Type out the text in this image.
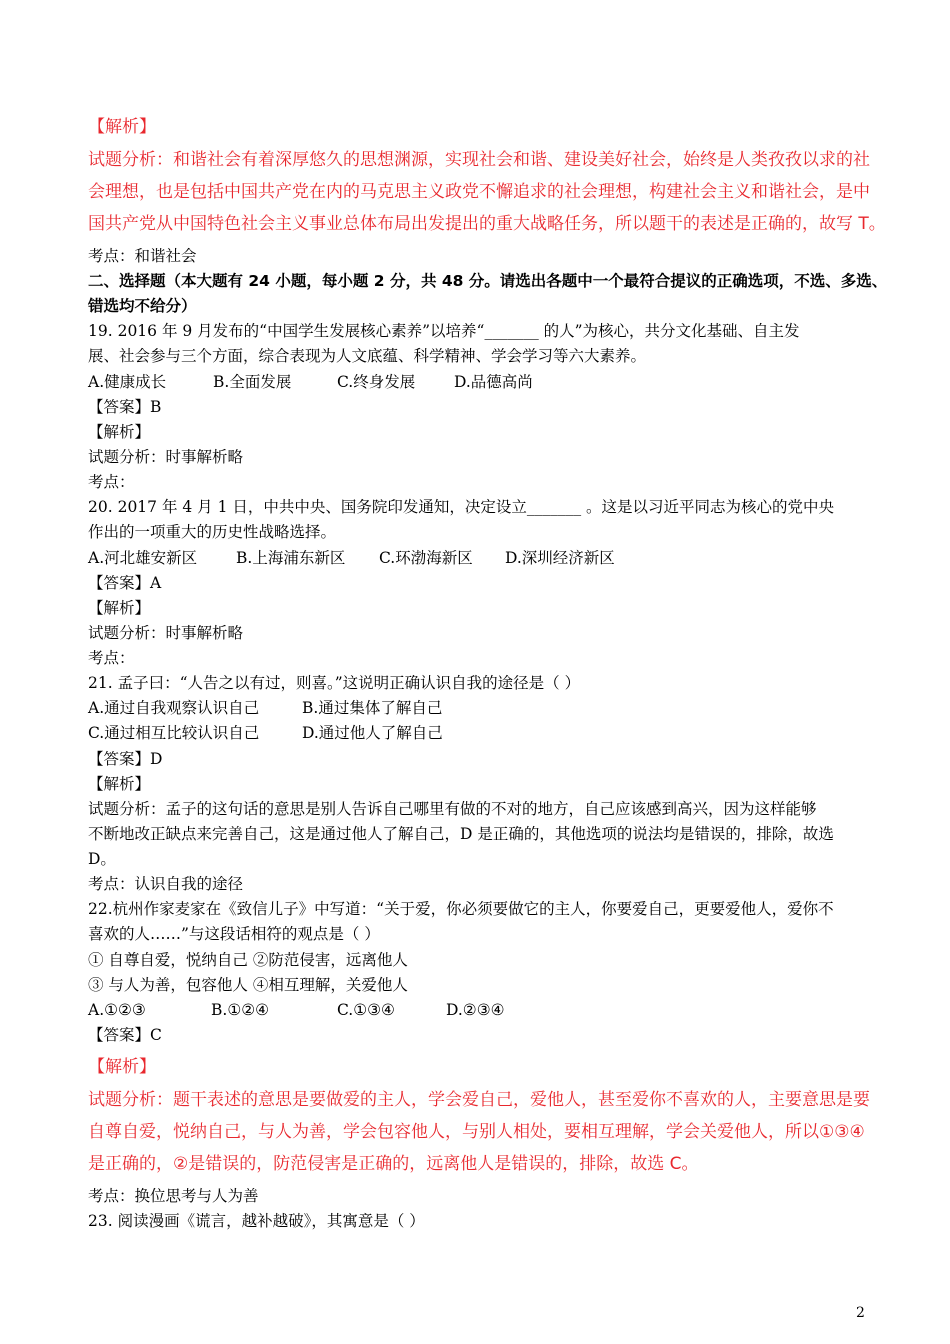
【解析】
试题分析：和谐社会有着深厚悠久的思想渊源，实现社会和谐、建设美好社会，始终是人类孜孜以求的社
会理想，也是包括中国共产党在内的马克思主义政党不懈追求的社会理想，构建社会主义和谐社会，是中
国共产党从中国特色社会主义事业总体布局出发提出的重大战略任务，所以题干的表述是正确的，故写 T。
考点：和谐社会
二、选择题（本大题有 24 小题，每小题 2 分，共 48 分。请选出各题中一个最符合提议的正确选项，不选、多选、
错选均不给分）
19. 2016 年 9 月发布的“中国学生发展核心素养”以培养“_______ 的人”为核心，共分文化基础、自主发
展、社会参与三个方面，综合表现为人文底蕴、科学精神、学会学习等六大素养。
A.健康成长	B.全面发展	C.终身发展	D.品德高尚
【答案】B
【解析】
试题分析：时事解析略
考点：
20. 2017 年 4 月 1 日，中共中央、国务院印发通知，决定设立_______ 。这是以习近平同志为核心的党中央
作出的一项重大的历史性战略选择。
A.河北雄安新区	B.上海浦东新区 C.环渤海新区 D.深圳经济新区
【答案】A
【解析】
试题分析：时事解析略
考点：
21. 孟子曰：“人告之以有过，则喜。”这说明正确认识自我的途径是（ ）
A.通过自我观察认识自己	B.通过集体了解自己
C.通过相互比较认识自己	D.通过他人了解自己
【答案】D
【解析】
试题分析：孟子的这句话的意思是别人告诉自己哪里有做的不对的地方，自己应该感到高兴，因为这样能够
不断地改正缺点来完善自己，这是通过他人了解自己，D 是正确的，其他选项的说法均是错误的，排除，故选
D。
考点：认识自我的途径
22.杭州作家麦家在《致信儿子》中写道：“关于爱，你必须要做它的主人，你要爱自己，更要爱他人，爱你不
喜欢的人……”与这段话相符的观点是（ ）
① 自尊自爱，悦纳自己 ②防范侵害，远离他人
③ 与人为善，包容他人 ④相互理解，关爱他人
A.①②③	B.①②④	C.①③④	D.②③④
【答案】C
【解析】
试题分析：题干表述的意思是要做爱的主人，学会爱自己，爱他人，甚至爱你不喜欢的人，主要意思是要
自尊自爱，悦纳自己，与人为善，学会包容他人，与别人相处，要相互理解，学会关爱他人，所以①③④
是正确的，②是错误的，防范侵害是正确的，远离他人是错误的，排除，故选 C。
考点：换位思考与人为善
23. 阅读漫画《谎言，越补越破》，其寓意是（ ）
2
